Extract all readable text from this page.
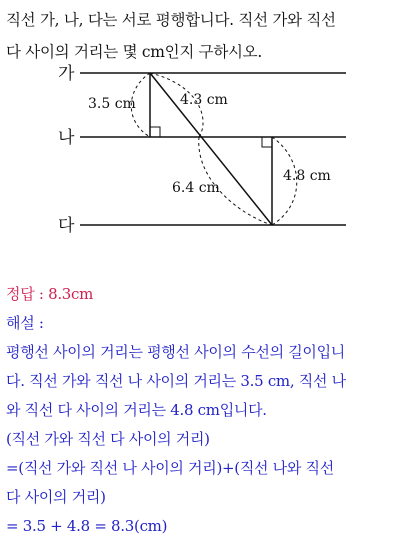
직선 가, 나, 다는 서로 평행합니다. 직선 가와 직선
다 사이의 거리는 몇 cm인지 구하시오.
가
나
다
3.5 cm	4.3 cm
6.4 cm
4.8 cm
정답 : 8.3cm
해설 :
평행선 사이의 거리는 평행선 사이의 수선의 길이입니
다. 직선 가와 직선 나 사이의 거리는 3.5 cm, 직선 나
와 직선 다 사이의 거리는 4.8 cm입니다.
(직선 가와 직선 다 사이의 거리)
=(직선 가와 직선 나 사이의 거리)+(직선 나와 직선
다 사이의 거리)
= 3.5 + 4.8 = 8.3(cm)
